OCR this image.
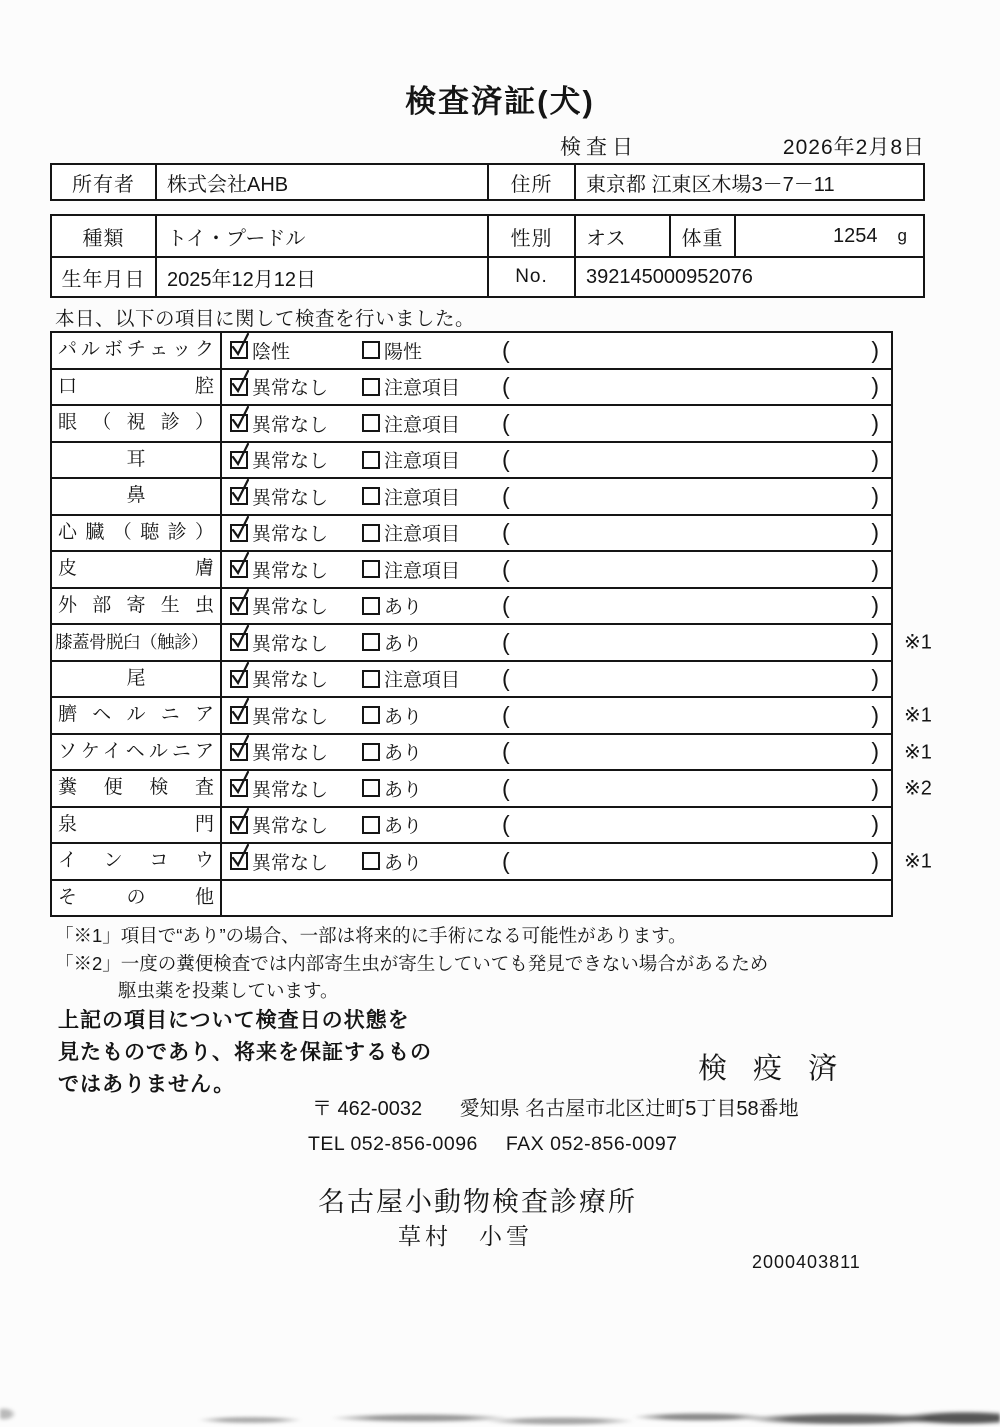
検査済証(犬)
検査日	2026年2月8日
所有者	株式会社AHB	住所	東京都 江東区木場3－7－11
種類	トイ・プードル	性別	オス	体重	1254 g
生年月日	2025年12月12日	No.	392145000952076
本日、以下の項目に関して検査を行いました。
パルボチェック	陰性	陽性	(	)
口腔	異常なし	注意項目 (	)
眼（視診）	異常なし	注意項目 (	)
耳	異常なし	注意項目 (	)
鼻	異常なし	注意項目 (	)
心臓（聴診）	異常なし	注意項目 (	)
皮膚	異常なし	注意項目 (	)
外部寄生虫	異常なし	あり	(	)
膝蓋骨脱臼（触診）	異常なし	あり	(	)	※1
尾	異常なし	注意項目 (	)
臍ヘルニア	異常なし	あり	(	)	※1
ソケイヘルニア	異常なし	あり	(	)	※1
糞便検査	異常なし	あり	(	)	※2
泉門	異常なし	あり	(	)
インコウ	異常なし	あり	(	)	※1
その他
「※1」項目で“あり”の場合、一部は将来的に手術になる可能性があります。
「※2」一度の糞便検査では内部寄生虫が寄生していても発見できない場合があるため
駆虫薬を投薬しています。
上記の項目について検査日の状態を
見たものであり、将来を保証するもの
ではありません。	検 疫 済
〒 462-0032 愛知県 名古屋市北区辻町5丁目58番地
TEL 052-856-0096 FAX 052-856-0097
名古屋小動物検査診療所
草村　小雪
2000403811
